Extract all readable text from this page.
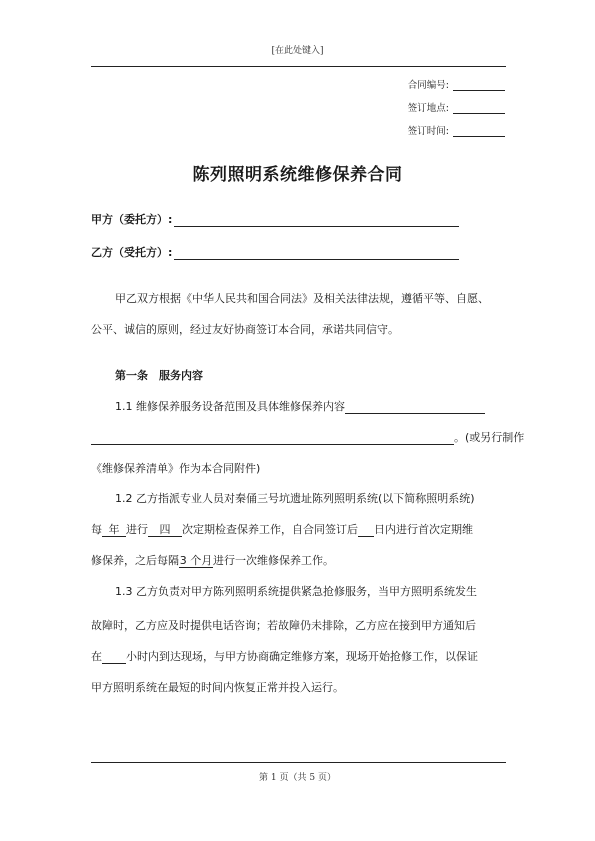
[在此处键入]
合同编号:
签订地点:
签订时间:
陈列照明系统维修保养合同
甲方（委托方）:
乙方（受托方）:
甲乙双方根据《中华人民共和国合同法》及相关法律法规，遵循平等、自愿、
公平、诚信的原则，经过友好协商签订本合同，承诺共同信守。
第一条　服务内容
1.1 维修保养服务设备范围及具体维修保养内容
。(或另行制作
《维修保养清单》作为本合同附件)
1.2 乙方指派专业人员对秦俑三号坑遗址陈列照明系统(以下简称照明系统)
每 年 进行 四 次定期检查保养工作，自合同签订后 日内进行首次定期维
修保养，之后每隔3 个月进行一次维修保养工作。
1.3 乙方负责对甲方陈列照明系统提供紧急抢修服务，当甲方照明系统发生
故障时，乙方应及时提供电话咨询；若故障仍未排除，乙方应在接到甲方通知后
在 小时内到达现场，与甲方协商确定维修方案，现场开始抢修工作，以保证
甲方照明系统在最短的时间内恢复正常并投入运行。
第 1 页（共 5 页）
